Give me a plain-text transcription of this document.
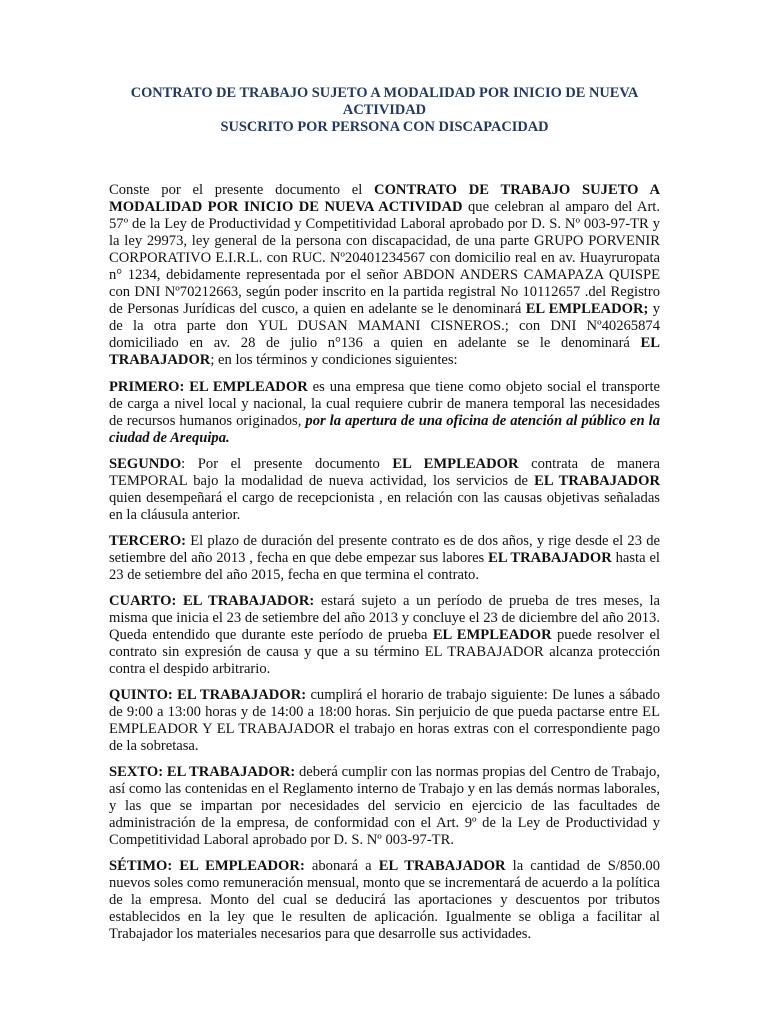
CONTRATO DE TRABAJO SUJETO A MODALIDAD POR INICIO DE NUEVA ACTIVIDAD
SUSCRITO POR PERSONA CON DISCAPACIDAD

Conste por el presente documento el CONTRATO DE TRABAJO SUJETO A MODALIDAD POR INICIO DE NUEVA ACTIVIDAD que celebran al amparo del Art. 57º de la Ley de Productividad y Competitividad Laboral aprobado por D. S. Nº 003-97-TR y la ley 29973, ley general de la persona con discapacidad, de una parte GRUPO PORVENIR CORPORATIVO E.I.R.L. con RUC. Nº20401234567 con domicilio real en av. Huayruropata n° 1234, debidamente representada por el señor ABDON ANDERS CAMAPAZA QUISPE con DNI Nº70212663, según poder inscrito en la partida registral No 10112657 .del Registro de Personas Jurídicas del cusco, a quien en adelante se le denominará EL EMPLEADOR; y de la otra parte don YUL DUSAN MAMANI CISNEROS.; con DNI Nº40265874 domiciliado en av. 28 de julio n°136 a quien en adelante se le denominará EL TRABAJADOR; en los términos y condiciones siguientes:

PRIMERO: EL EMPLEADOR es una empresa que tiene como objeto social el transporte de carga a nivel local y nacional, la cual requiere cubrir de manera temporal las necesidades de recursos humanos originados, por la apertura de una oficina de atención al público en la ciudad de Arequipa.

SEGUNDO: Por el presente documento EL EMPLEADOR contrata de manera TEMPORAL bajo la modalidad de nueva actividad, los servicios de EL TRABAJADOR quien desempeñará el cargo de recepcionista , en relación con las causas objetivas señaladas en la cláusula anterior.

TERCERO: El plazo de duración del presente contrato es de dos años, y rige desde el 23 de setiembre del año 2013 , fecha en que debe empezar sus labores EL TRABAJADOR hasta el 23 de setiembre del año 2015, fecha en que termina el contrato.

CUARTO: EL TRABAJADOR: estará sujeto a un período de prueba de tres meses, la misma que inicia el 23 de setiembre del año 2013 y concluye el 23 de diciembre del año 2013. Queda entendido que durante este período de prueba EL EMPLEADOR puede resolver el contrato sin expresión de causa y que a su término EL TRABAJADOR alcanza protección contra el despido arbitrario.

QUINTO: EL TRABAJADOR: cumplirá el horario de trabajo siguiente: De lunes a sábado de 9:00 a 13:00 horas y de 14:00 a 18:00 horas. Sin perjuicio de que pueda pactarse entre EL EMPLEADOR Y EL TRABAJADOR el trabajo en horas extras con el correspondiente pago de la sobretasa.

SEXTO: EL TRABAJADOR: deberá cumplir con las normas propias del Centro de Trabajo, así como las contenidas en el Reglamento interno de Trabajo y en las demás normas laborales, y las que se impartan por necesidades del servicio en ejercicio de las facultades de administración de la empresa, de conformidad con el Art. 9º de la Ley de Productividad y Competitividad Laboral aprobado por D. S. Nº 003-97-TR.

SÉTIMO: EL EMPLEADOR: abonará a EL TRABAJADOR la cantidad de S/850.00 nuevos soles como remuneración mensual, monto que se incrementará de acuerdo a la política de la empresa. Monto del cual se deducirá las aportaciones y descuentos por tributos establecidos en la ley que le resulten de aplicación. Igualmente se obliga a facilitar al Trabajador los materiales necesarios para que desarrolle sus actividades.
